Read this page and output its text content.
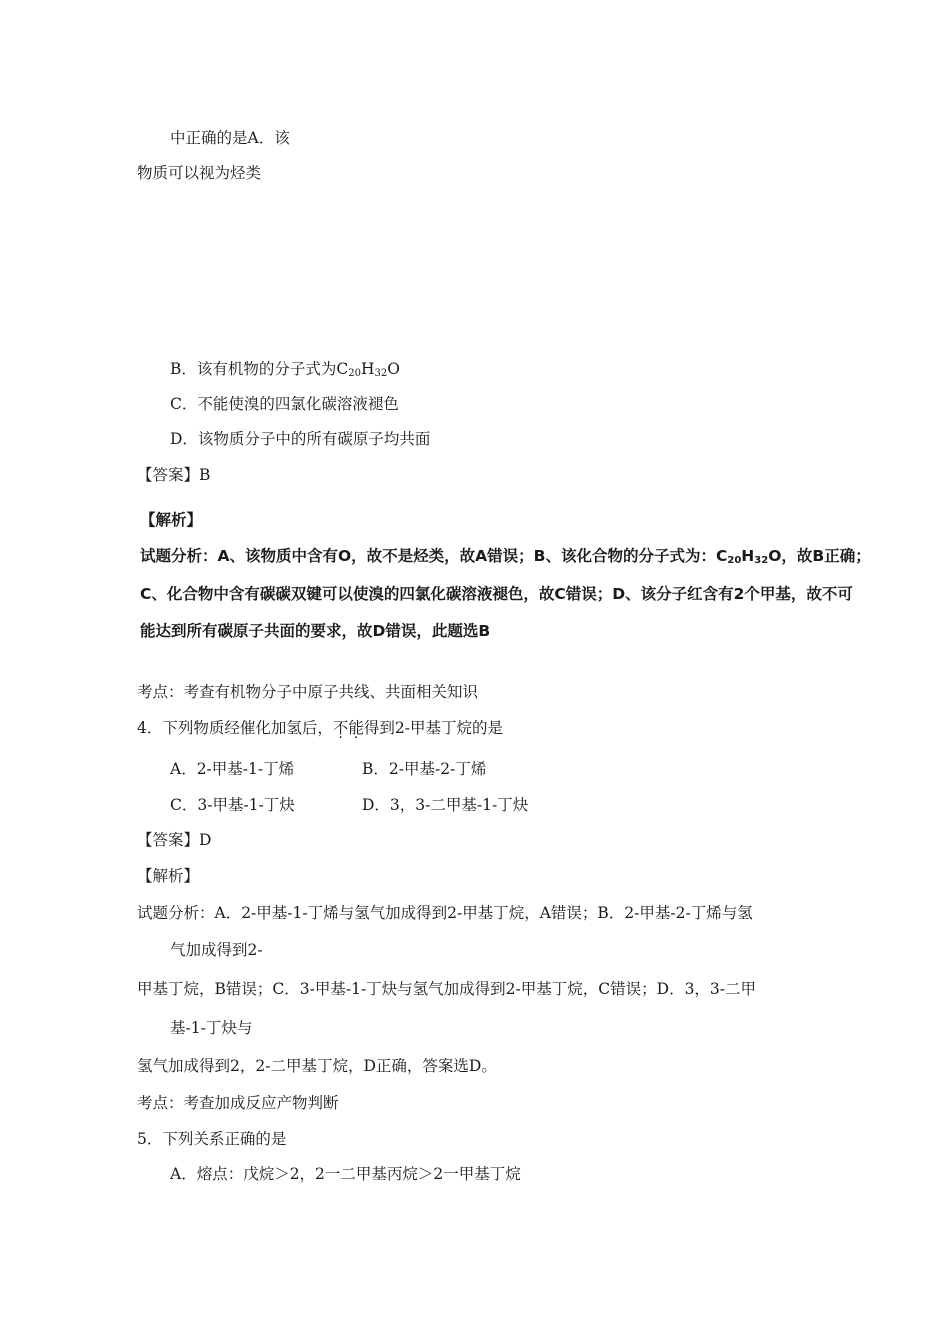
中正确的是A．该
物质可以视为烃类
B．该有机物的分子式为$C_{20}H_{32}O$
C．不能使溴的四氯化碳溶液褪色
D．该物质分子中的所有碳原子均共面
【答案】B
【解析】
试题分析：A、该物质中含有O，故不是烃类，故A错误；B、该化合物的分子式为：$C_{20}H_{32}O$，故B正确；
C、化合物中含有碳碳双键可以使溴的四氯化碳溶液褪色，故C错误；D、该分子红含有2个甲基，故不可
能达到所有碳原子共面的要求，故D错误，此题选B
考点：考查有机物分子中原子共线、共面相关知识
4．下列物质经催化加氢后，不能得到2-甲基丁烷的是
A．2-甲基-1-丁烯	B．2-甲基-2-丁烯
C．3-甲基-1-丁炔	D．3，3-二甲基-1-丁炔
【答案】D
【解析】
试题分析：A．2-甲基-1-丁烯与氢气加成得到2-甲基丁烷，A错误；B．2-甲基-2-丁烯与氢
气加成得到2-
甲基丁烷，B错误；C．3-甲基-1-丁炔与氢气加成得到2-甲基丁烷，C错误；D．3，3-二甲
基-1-丁炔与
氢气加成得到2，2-二甲基丁烷，D正确，答案选D。
考点：考查加成反应产物判断
5．下列关系正确的是
A．熔点：戊烷＞2，2一二甲基丙烷＞2一甲基丁烷
